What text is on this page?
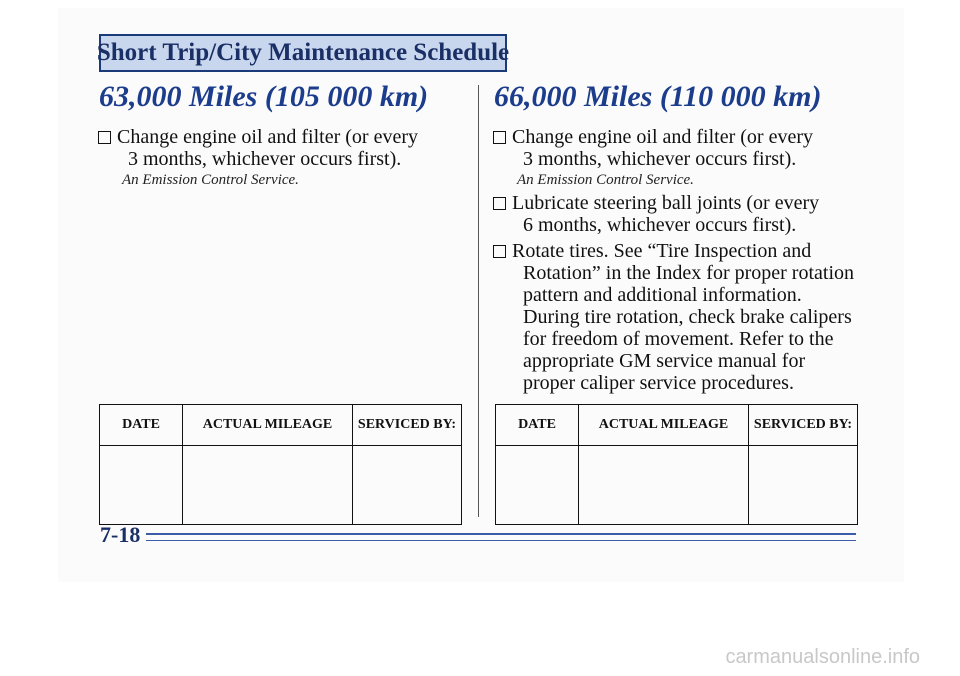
Short Trip/City Maintenance Schedule
63,000 Miles (105 000 km)
Change engine oil and filter (or every
3 months, whichever occurs first).
An Emission Control Service.
66,000 Miles (110 000 km)
Change engine oil and filter (or every
3 months, whichever occurs first).
An Emission Control Service.
Lubricate steering ball joints (or every
6 months, whichever occurs first).
Rotate tires. See “Tire Inspection and
Rotation” in the Index for proper rotation pattern and additional information. During tire rotation, check brake calipers for freedom of movement. Refer to the appropriate GM service manual for proper caliper service procedures.
DATE	ACTUAL MILEAGE	SERVICED BY:
			DATE	ACTUAL MILEAGE	SERVICED BY:

7-18
carmanualsonline.info
